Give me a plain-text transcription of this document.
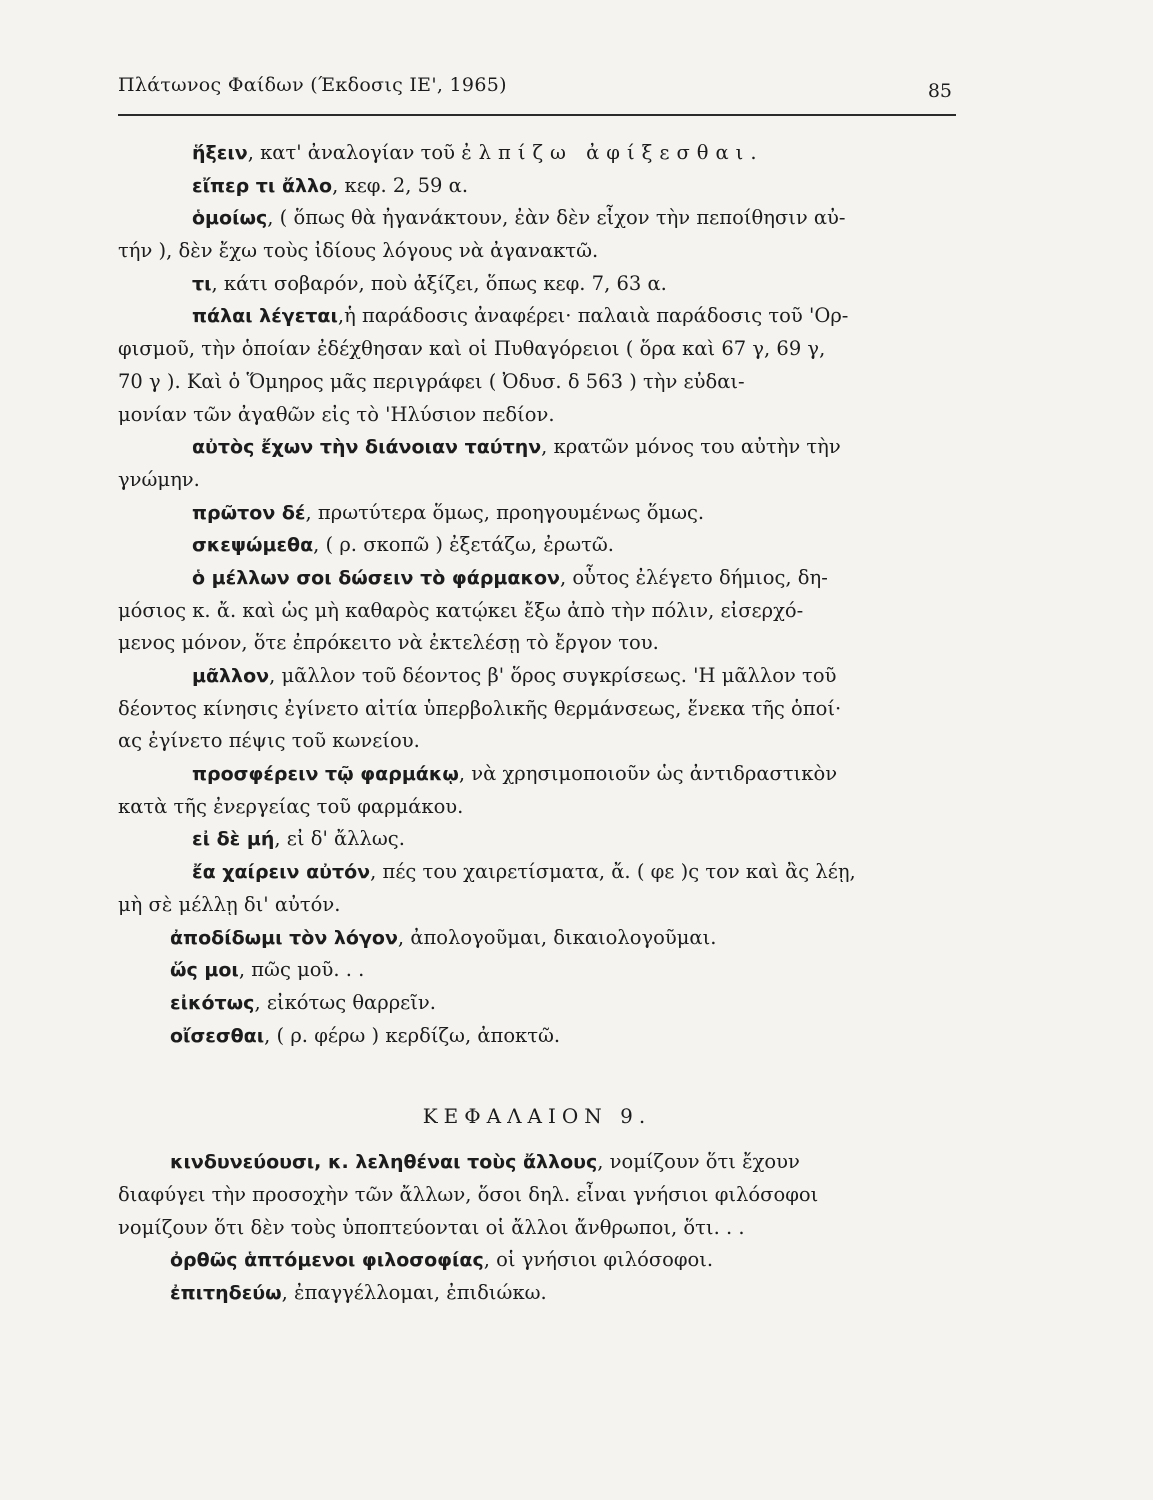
Πλάτωνος Φαίδων (Έκδοσις ΙΕ', 1965)	85
ἥξειν, κατ' ἀναλογίαν τοῦ ἐλπίζω ἀφίξεσθαι.
εἴπερ τι ἄλλο, κεφ. 2, 59 α.
ὁμοίως, ( ὅπως θὰ ἠγανάκτουν, ἐὰν δὲν εἶχον τὴν πεποίθησιν αὐ-
τήν ), δὲν ἔχω τοὺς ἰδίους λόγους νὰ ἀγανακτῶ.
τι, κάτι σοβαρόν, ποὺ ἀξίζει, ὅπως κεφ. 7, 63 α.
πάλαι λέγεται,ἡ παράδοσις ἀναφέρει· παλαιὰ παράδοσις τοῦ 'Ορ-
φισμοῦ, τὴν ὁποίαν ἐδέχθησαν καὶ οἱ Πυθαγόρειοι ( ὅρα καὶ 67 γ, 69 γ,
70 γ ). Καὶ ὁ Ὅμηρος μᾶς περιγράφει ( Ὀδυσ. δ 563 ) τὴν εὐδαι-
μονίαν τῶν ἀγαθῶν εἰς τὸ 'Ηλύσιον πεδίον.
αὐτὸς ἔχων τὴν διάνοιαν ταύτην, κρατῶν μόνος του αὐτὴν τὴν
γνώμην.
πρῶτον δέ, πρωτύτερα ὅμως, προηγουμένως ὅμως.
σκεψώμεθα, ( ρ. σκοπῶ ) ἐξετάζω, ἐρωτῶ.
ὁ μέλλων σοι δώσειν τὸ φάρμακον, οὗτος ἐλέγετο δήμιος, δη-
μόσιος κ. ἄ. καὶ ὡς μὴ καθαρὸς κατῴκει ἔξω ἀπὸ τὴν πόλιν, εἰσερχό-
μενος μόνον, ὅτε ἐπρόκειτο νὰ ἐκτελέσῃ τὸ ἔργον του.
μᾶλλον, μᾶλλον τοῦ δέοντος β' ὅρος συγκρίσεως. 'Η μᾶλλον τοῦ
δέοντος κίνησις ἐγίνετο αἰτία ὑπερβολικῆς θερμάνσεως, ἕνεκα τῆς ὁποί·
ας ἐγίνετο πέψις τοῦ κωνείου.
προσφέρειν τῷ φαρμάκῳ, νὰ χρησιμοποιοῦν ὡς ἀντιδραστικὸν
κατὰ τῆς ἐνεργείας τοῦ φαρμάκου.
εἰ δὲ μή, εἰ δ' ἄλλως.
ἔα χαίρειν αὐτόν, πές του χαιρετίσματα, ἄ. ( φε )ς τον καὶ ἂς λέῃ,
μὴ σὲ μέλλῃ δι' αὐτόν.
ἀποδίδωμι τὸν λόγον, ἀπολογοῦμαι, δικαιολογοῦμαι.
ὥς μοι, πῶς μοῦ. . .
εἰκότως, εἰκότως θαρρεῖν.
οἴσεσθαι, ( ρ. φέρω ) κερδίζω, ἀποκτῶ.
ΚΕΦΑΛΑΙΟΝ 9.
κινδυνεύουσι, κ. λεληθέναι τοὺς ἄλλους, νομίζουν ὅτι ἔχουν
διαφύγει τὴν προσοχὴν τῶν ἄλλων, ὅσοι δηλ. εἶναι γνήσιοι φιλόσοφοι
νομίζουν ὅτι δὲν τοὺς ὑποπτεύονται οἱ ἄλλοι ἄνθρωποι, ὅτι. . .
ὀρθῶς ἁπτόμενοι φιλοσοφίας, οἱ γνήσιοι φιλόσοφοι.
ἐπιτηδεύω, ἐπαγγέλλομαι, ἐπιδιώκω.
